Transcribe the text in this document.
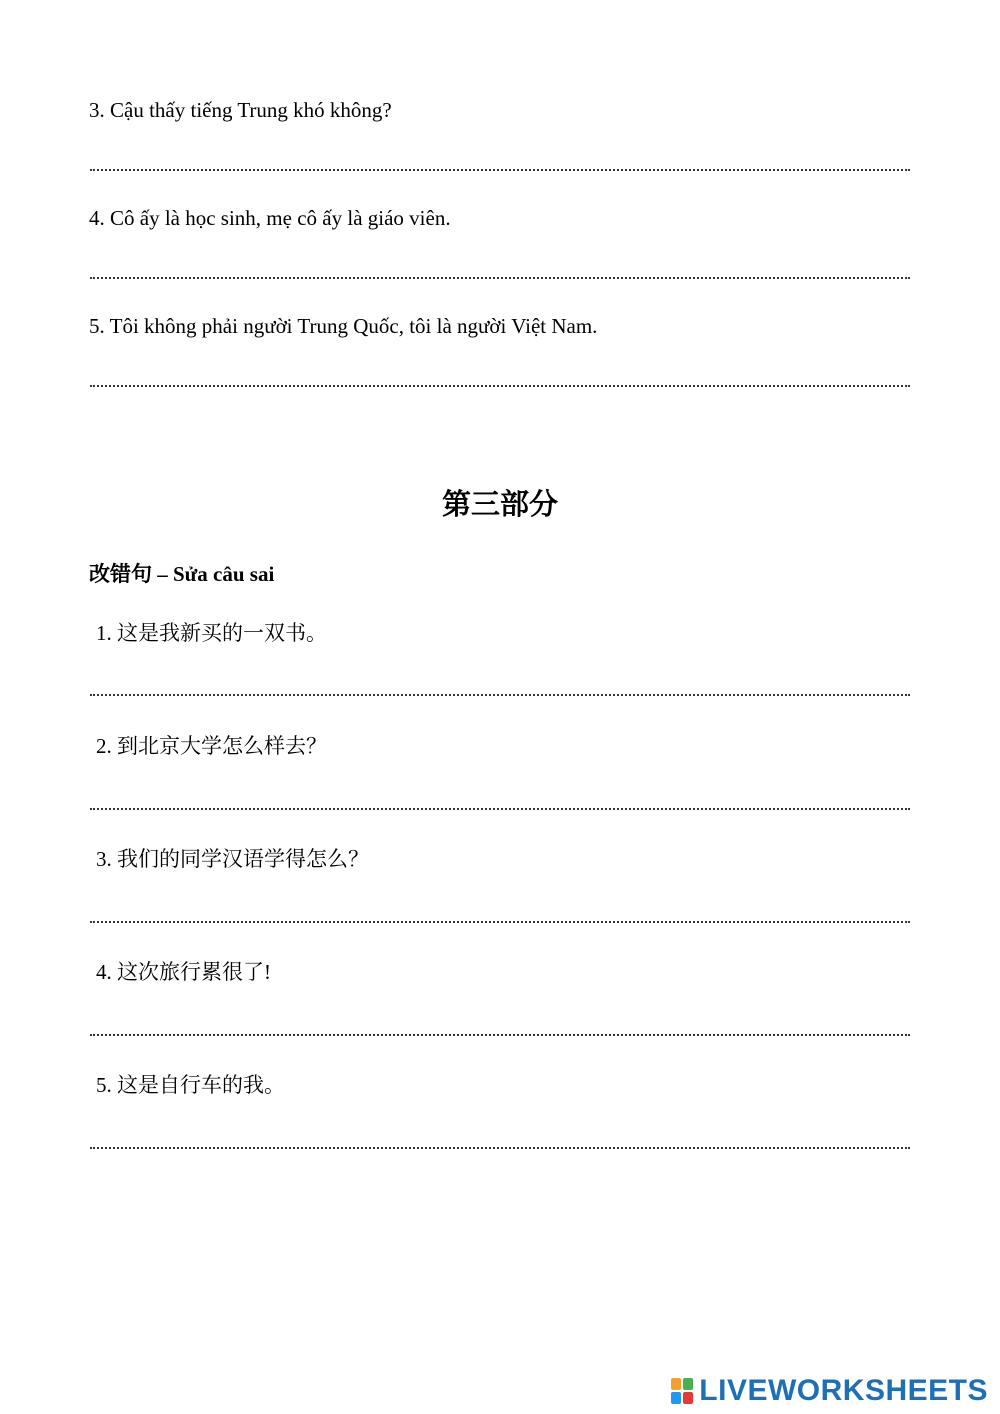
3. Cậu thấy tiếng Trung khó không?
4. Cô ấy là học sinh, mẹ cô ấy là giáo viên.
5. Tôi không phải người Trung Quốc, tôi là người Việt Nam.
第三部分
改错句 – Sửa câu sai
1. 这是我新买的一双书。
2. 到北京大学怎么样去？
3. 我们的同学汉语学得怎么？
4. 这次旅行累很了!
5. 这是自行车的我。
LIVEWORKSHEETS
